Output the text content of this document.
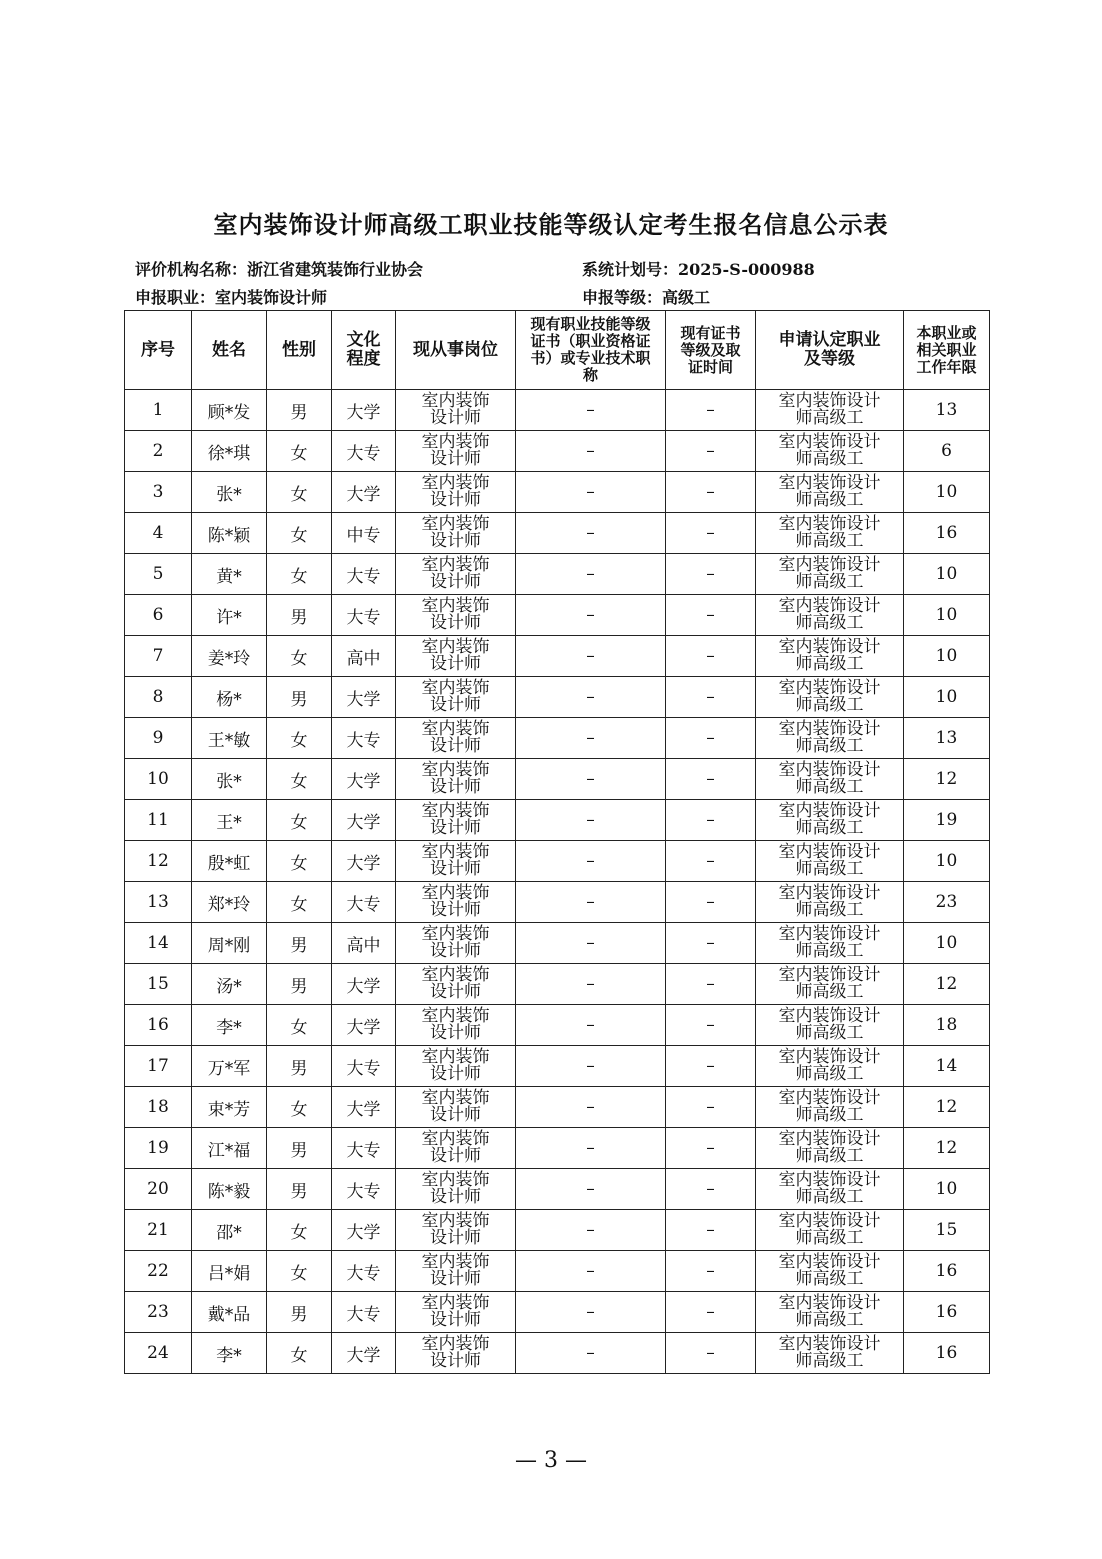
室内装饰设计师高级工职业技能等级认定考生报名信息公示表
评价机构名称：浙江省建筑装饰行业协会	系统计划号：2025-S-000988
申报职业：室内装饰设计师	申报等级：高级工
序号	姓名	性别	文化程度	现从事岗位	现有职业技能等级证书（职业资格证书）或专业技术职称	现有证书等级及取证时间	申请认定职业及等级	本职业或相关职业工作年限
1	顾*发	男	大学	室内装饰设计师	–	–	室内装饰设计师高级工	13
2	徐*琪	女	大专	室内装饰设计师	–	–	室内装饰设计师高级工	6
3	张*	女	大学	室内装饰设计师	–	–	室内装饰设计师高级工	10
4	陈*颖	女	中专	室内装饰设计师	–	–	室内装饰设计师高级工	16
5	黄*	女	大专	室内装饰设计师	–	–	室内装饰设计师高级工	10
6	许*	男	大专	室内装饰设计师	–	–	室内装饰设计师高级工	10
7	姜*玲	女	高中	室内装饰设计师	–	–	室内装饰设计师高级工	10
8	杨*	男	大学	室内装饰设计师	–	–	室内装饰设计师高级工	10
9	王*敏	女	大专	室内装饰设计师	–	–	室内装饰设计师高级工	13
10	张*	女	大学	室内装饰设计师	–	–	室内装饰设计师高级工	12
11	王*	女	大学	室内装饰设计师	–	–	室内装饰设计师高级工	19
12	殷*虹	女	大学	室内装饰设计师	–	–	室内装饰设计师高级工	10
13	郑*玲	女	大专	室内装饰设计师	–	–	室内装饰设计师高级工	23
14	周*刚	男	高中	室内装饰设计师	–	–	室内装饰设计师高级工	10
15	汤*	男	大学	室内装饰设计师	–	–	室内装饰设计师高级工	12
16	李*	女	大学	室内装饰设计师	–	–	室内装饰设计师高级工	18
17	万*军	男	大专	室内装饰设计师	–	–	室内装饰设计师高级工	14
18	束*芳	女	大学	室内装饰设计师	–	–	室内装饰设计师高级工	12
19	江*福	男	大专	室内装饰设计师	–	–	室内装饰设计师高级工	12
20	陈*毅	男	大专	室内装饰设计师	–	–	室内装饰设计师高级工	10
21	邵*	女	大学	室内装饰设计师	–	–	室内装饰设计师高级工	15
22	吕*娟	女	大专	室内装饰设计师	–	–	室内装饰设计师高级工	16
23	戴*品	男	大专	室内装饰设计师	–	–	室内装饰设计师高级工	16
24	李*	女	大学	室内装饰设计师	–	–	室内装饰设计师高级工	16
— 3 —
